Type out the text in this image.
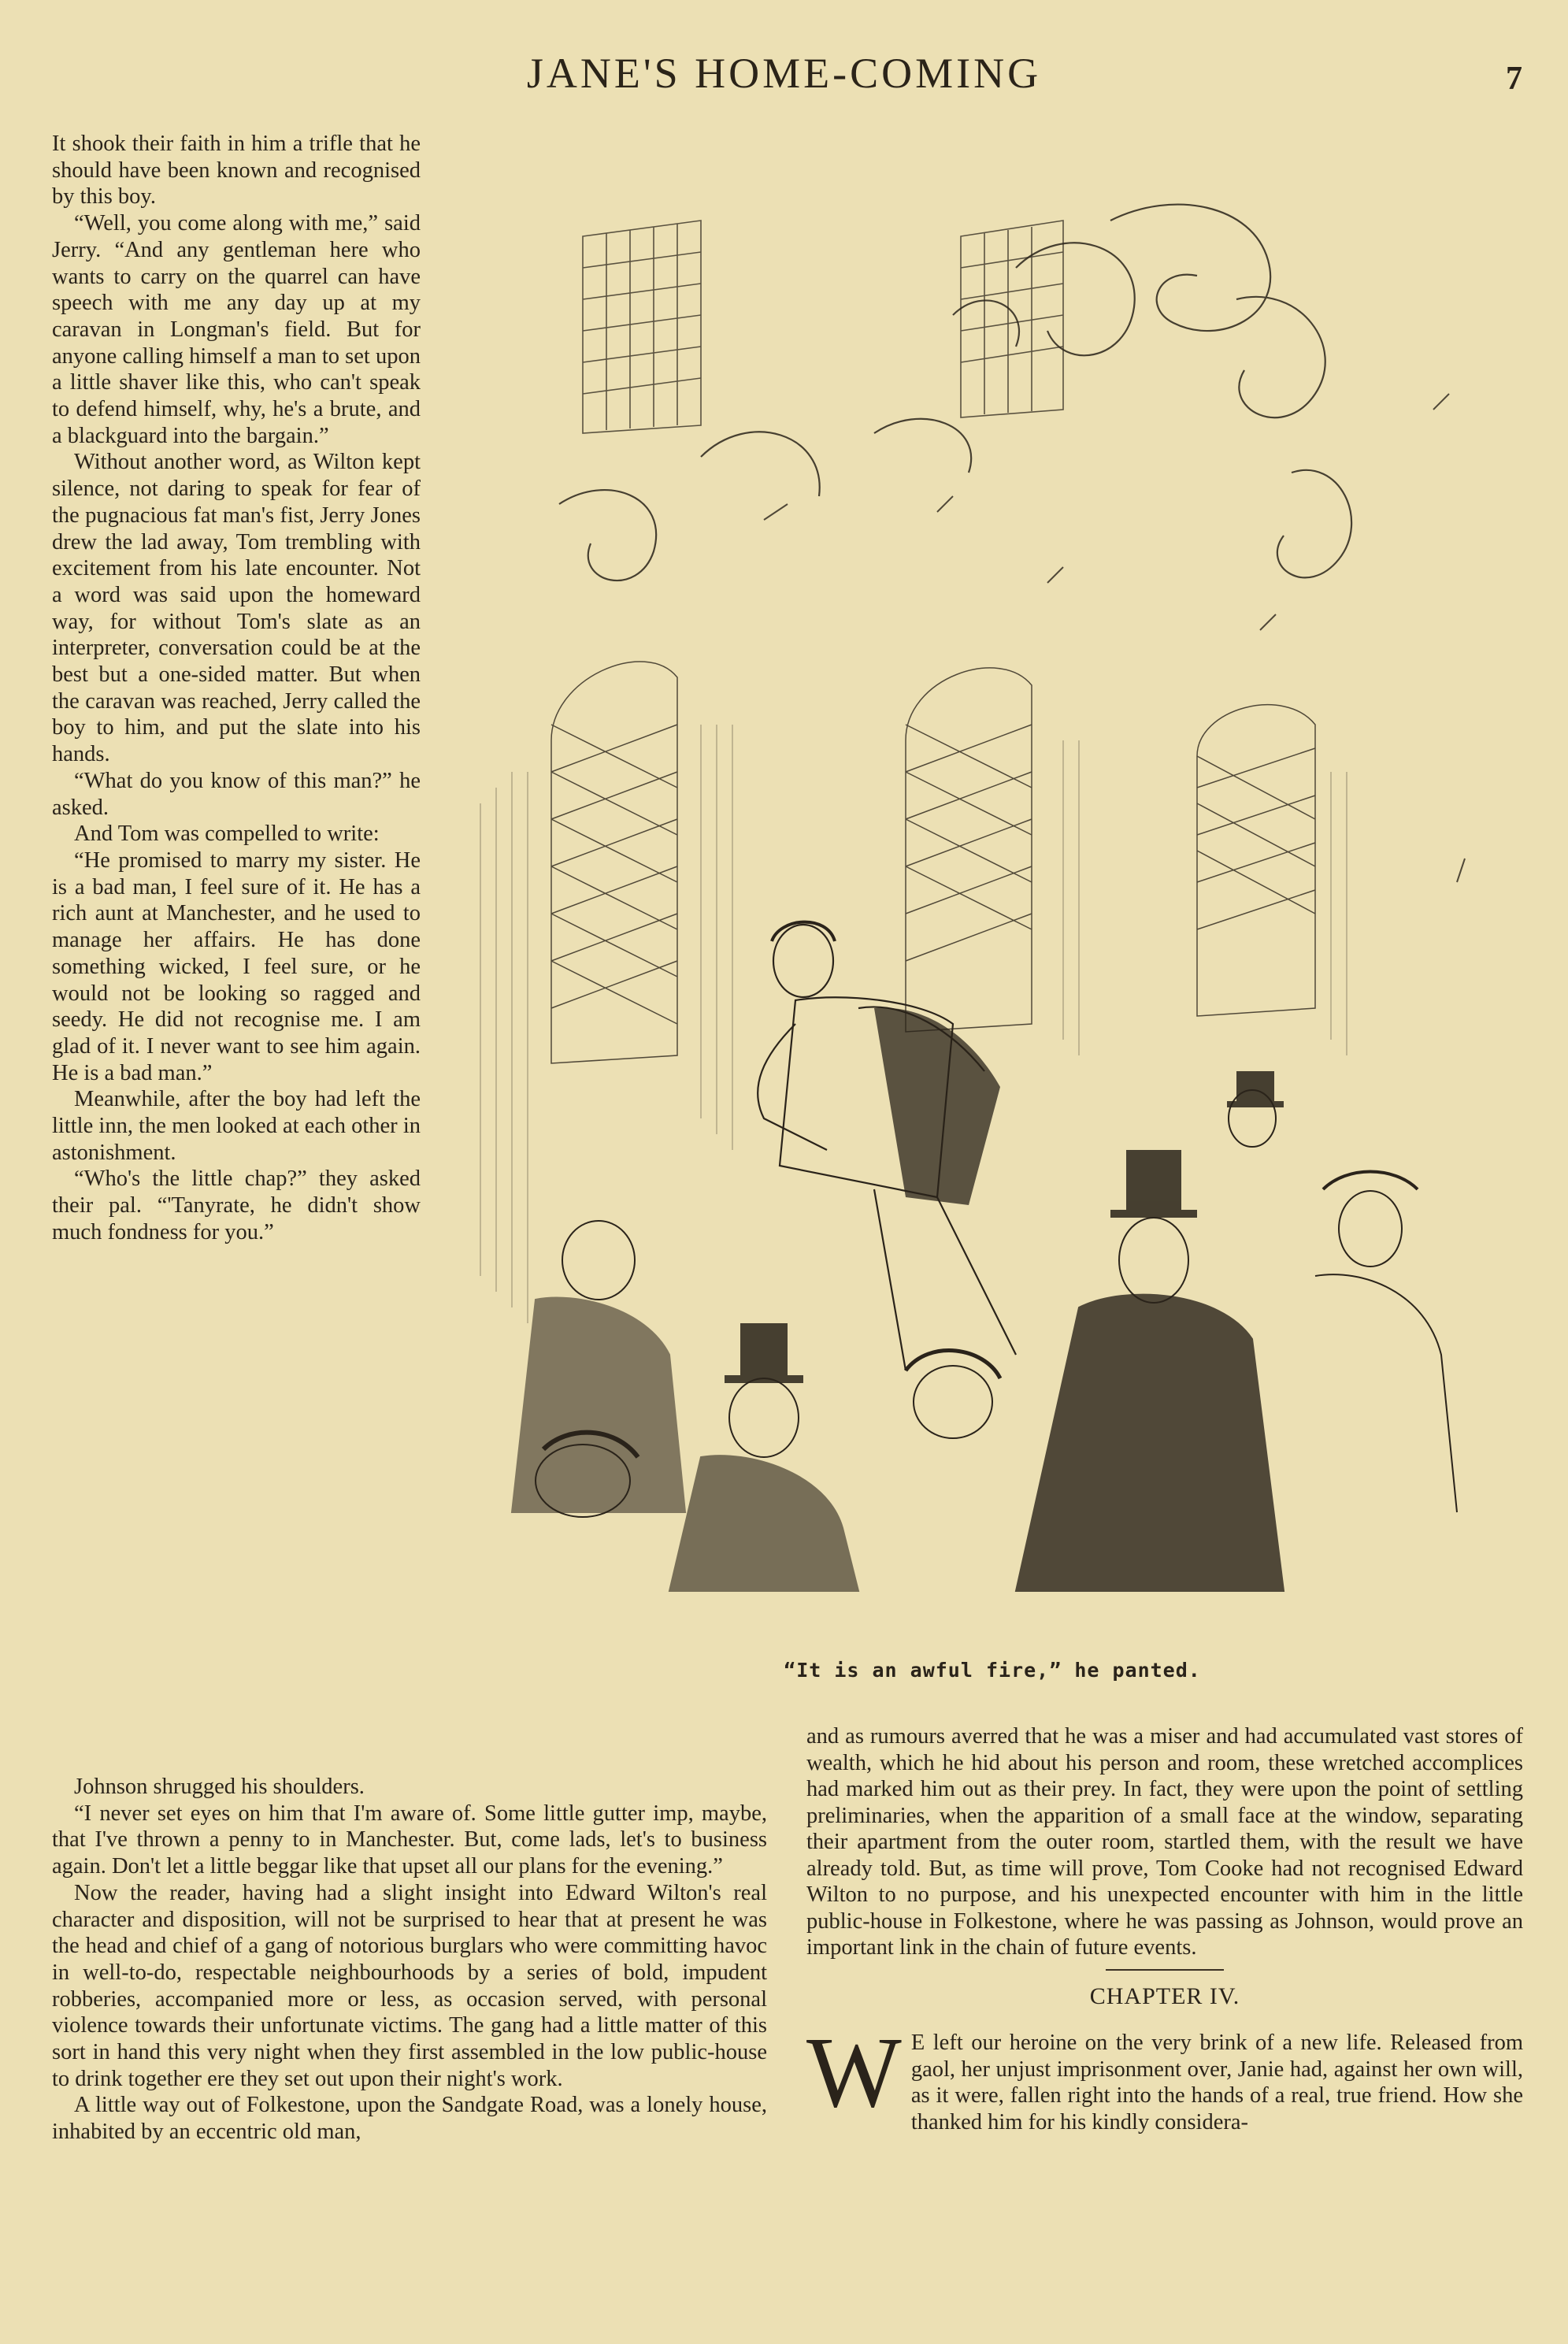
JANE'S HOME-COMING	7

It shook their faith in him a trifle that he should have been known and recognised by this boy.

“Well, you come along with me,” said Jerry. “And any gentleman here who wants to carry on the quarrel can have speech with me any day up at my caravan in Longman's field. But for anyone calling himself a man to set upon a little shaver like this, who can't speak to defend himself, why, he's a brute, and a blackguard into the bargain.”

Without another word, as Wilton kept silence, not daring to speak for fear of the pugnacious fat man's fist, Jerry Jones drew the lad away, Tom trembling with excitement from his late encounter. Not a word was said upon the homeward way, for without Tom's slate as an interpreter, conversation could be at the best but a one-sided matter. But when the caravan was reached, Jerry called the boy to him, and put the slate into his hands.

“What do you know of this man?” he asked.

And Tom was compelled to write:

“He promised to marry my sister. He is a bad man, I feel sure of it. He has a rich aunt at Manchester, and he used to manage her affairs. He has done something wicked, I feel sure, or he would not be looking so ragged and seedy. He did not recognise me. I am glad of it. I never want to see him again. He is a bad man.”

Meanwhile, after the boy had left the little inn, the men looked at each other in astonishment.

“Who's the little chap?” they asked their pal. “'Tanyrate, he didn't show much fondness for you.”

“It is an awful fire,” he panted.

Johnson shrugged his shoulders.

“I never set eyes on him that I'm aware of. Some little gutter imp, maybe, that I've thrown a penny to in Manchester. But, come lads, let's to business again. Don't let a little beggar like that upset all our plans for the evening.”

Now the reader, having had a slight insight into Edward Wilton's real character and disposition, will not be surprised to hear that at present he was the head and chief of a gang of notorious burglars who were committing havoc in well-to-do, respectable neighbourhoods by a series of bold, impudent robberies, accompanied more or less, as occasion served, with personal violence towards their unfortunate victims. The gang had a little matter of this sort in hand this very night when they first assembled in the low public-house to drink together ere they set out upon their night's work.

A little way out of Folkestone, upon the Sandgate Road, was a lonely house, inhabited by an eccentric old man,

and as rumours averred that he was a miser and had accumulated vast stores of wealth, which he hid about his person and room, these wretched accomplices had marked him out as their prey. In fact, they were upon the point of settling preliminaries, when the apparition of a small face at the window, separating their apartment from the outer room, startled them, with the result we have already told. But, as time will prove, Tom Cooke had not recognised Edward Wilton to no purpose, and his unexpected encounter with him in the little public-house in Folkestone, where he was passing as Johnson, would prove an important link in the chain of future events.

CHAPTER IV.

W E left our heroine on the very brink of a new life. Released from gaol, her unjust imprisonment over, Janie had, against her own will, as it were, fallen right into the hands of a real, true friend. How she thanked him for his kindly considera-
